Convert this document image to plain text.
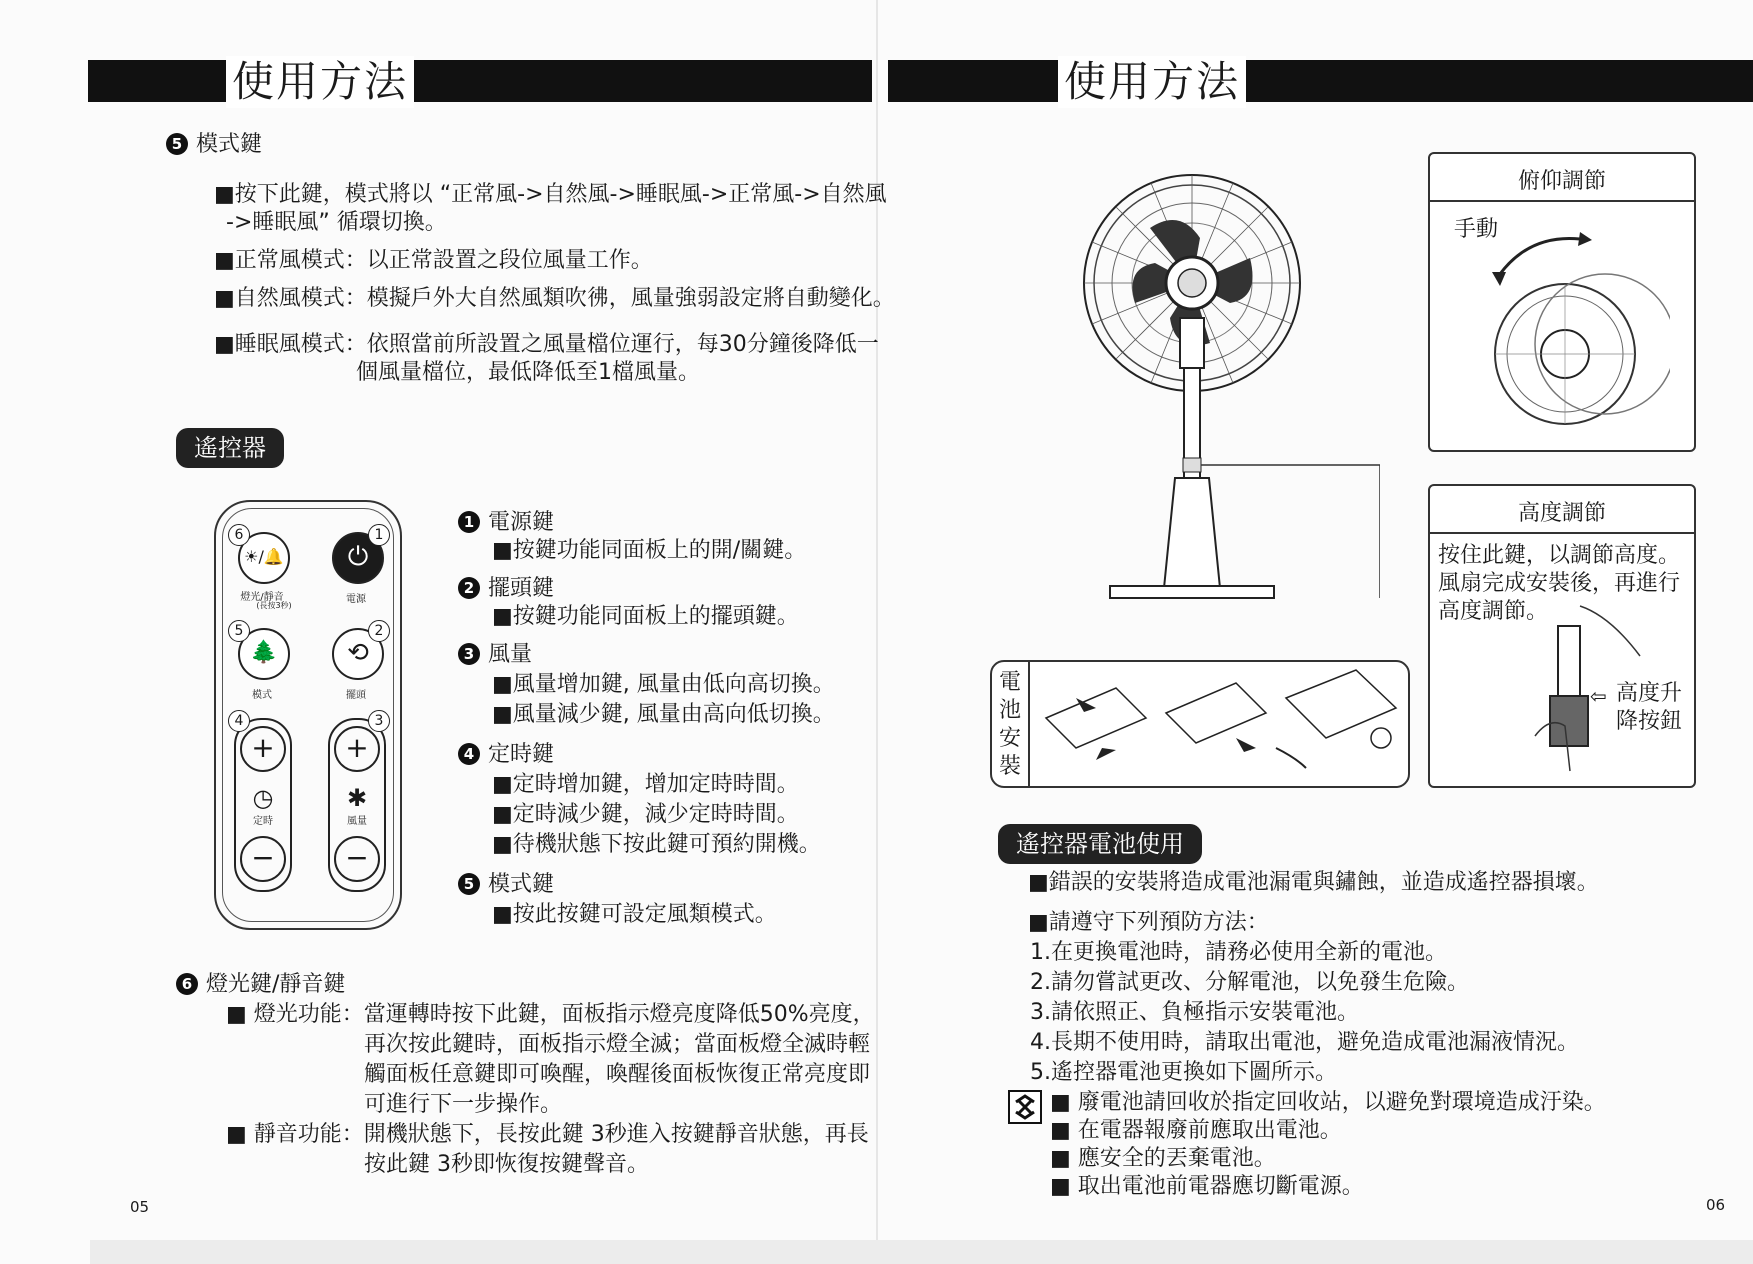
使用方法
5 模式鍵
■按下此鍵，模式將以 “正常風->自然風->睡眠風->正常風->自然風
->睡眠風” 循環切換。
■正常風模式：以正常設置之段位風量工作。
■自然風模式：模擬戶外大自然風類吹彿，風量強弱設定將自動變化。
■睡眠風模式：依照當前所設置之風量檔位運行，每30分鐘後降低一
個風量檔位，最低降低至1檔風量。
遙控器
☀/🔔
6
燈光/靜音
(長按3秒)
⏻
1
電源
🌲
5
模式
⟲
2
擺頭
+
◷
定時
−
4
+
✱
風量
−
3
1 電源鍵
■按鍵功能同面板上的開/關鍵。
2 擺頭鍵
■按鍵功能同面板上的擺頭鍵。
3 風量
■風量增加鍵, 風量由低向高切換。
■風量減少鍵, 風量由高向低切換。
4 定時鍵
■定時增加鍵，增加定時時間。
■定時減少鍵，減少定時時間。
■待機狀態下按此鍵可預約開機。
5 模式鍵
■按此按鍵可設定風類模式。
6 燈光鍵/靜音鍵
■ 燈光功能：當運轉時按下此鍵，面板指示燈亮度降低50%亮度，
再次按此鍵時，面板指示燈全滅；當面板燈全滅時輕
觸面板任意鍵即可喚醒，喚醒後面板恢復正常亮度即
可進行下一步操作。
■ 靜音功能：開機狀態下，長按此鍵 3秒進入按鍵靜音狀態，再長
按此鍵 3秒即恢復按鍵聲音。
05
使用方法
俯仰調節
手動
高度調節
按住此鍵，以調節高度。
風扇完成安裝後，再進行
高度調節。
高度升
降按鈕
⇦
電
池
安
裝
遙控器電池使用
■錯誤的安裝將造成電池漏電與鏽蝕，並造成遙控器損壞。
■請遵守下列預防方法：
1.在更換電池時，請務必使用全新的電池。
2.請勿嘗試更改、分解電池，以免發生危險。
3.請依照正、負極指示安裝電池。
4.長期不使用時，請取出電池，避免造成電池漏液情況。
5.遙控器電池更換如下圖所示。
■ 廢電池請回收於指定回收站，以避免對環境造成汙染。
■ 在電器報廢前應取出電池。
■ 應安全的丟棄電池。
■ 取出電池前電器應切斷電源。
06
